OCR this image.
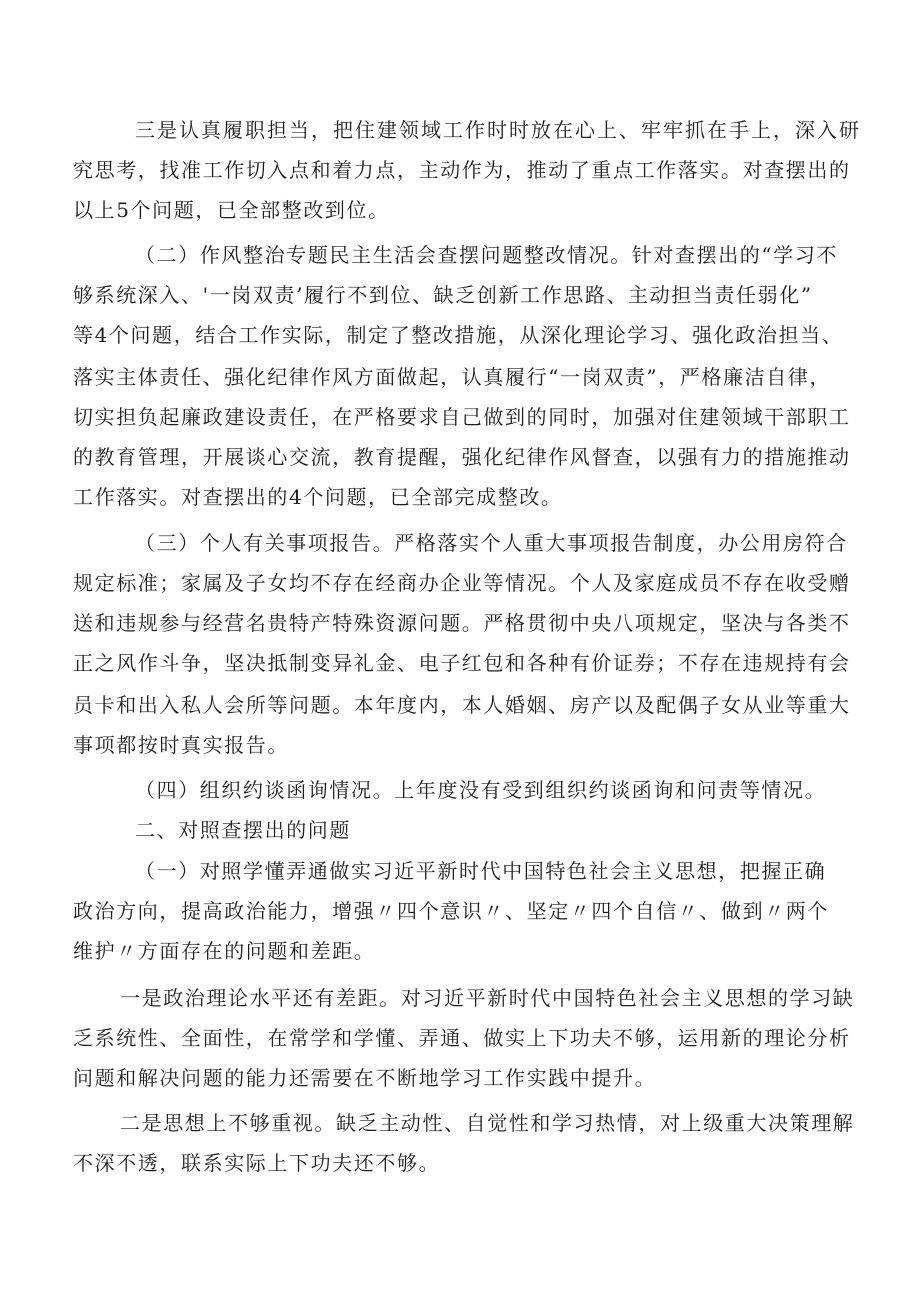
三是认真履职担当，把住建领域工作时时放在心上、牢牢抓在手上，深入研
究思考，找准工作切入点和着力点，主动作为，推动了重点工作落实。对查摆出的
以上5个问题，已全部整改到位。
（二）作风整治专题民主生活会查摆问题整改情况。针对查摆出的“学习不
够系统深入、'一岗双责’履行不到位、缺乏创新工作思路、主动担当责任弱化”
等4个问题，结合工作实际，制定了整改措施，从深化理论学习、强化政治担当、
落实主体责任、强化纪律作风方面做起，认真履行“一岗双责”，严格廉洁自律，
切实担负起廉政建设责任，在严格要求自己做到的同时，加强对住建领域干部职工
的教育管理，开展谈心交流，教育提醒，强化纪律作风督查，以强有力的措施推动
工作落实。对查摆出的4个问题，已全部完成整改。
（三）个人有关事项报告。严格落实个人重大事项报告制度，办公用房符合
规定标准；家属及子女均不存在经商办企业等情况。个人及家庭成员不存在收受赠
送和违规参与经营名贵特产特殊资源问题。严格贯彻中央八项规定，坚决与各类不
正之风作斗争，坚决抵制变异礼金、电子红包和各种有价证券；不存在违规持有会
员卡和出入私人会所等问题。本年度内，本人婚姻、房产以及配偶子女从业等重大
事项都按时真实报告。
（四）组织约谈函询情况。上年度没有受到组织约谈函询和问责等情况。
二、对照查摆出的问题
（一）对照学懂弄通做实习近平新时代中国特色社会主义思想，把握正确
政治方向，提高政治能力，增强〃四个意识〃、坚定〃四个自信〃、做到〃两个
维护〃方面存在的问题和差距。
一是政治理论水平还有差距。对习近平新时代中国特色社会主义思想的学习缺
乏系统性、全面性，在常学和学懂、弄通、做实上下功夫不够，运用新的理论分析
问题和解决问题的能力还需要在不断地学习工作实践中提升。
二是思想上不够重视。缺乏主动性、自觉性和学习热情，对上级重大决策理解
不深不透，联系实际上下功夫还不够。
